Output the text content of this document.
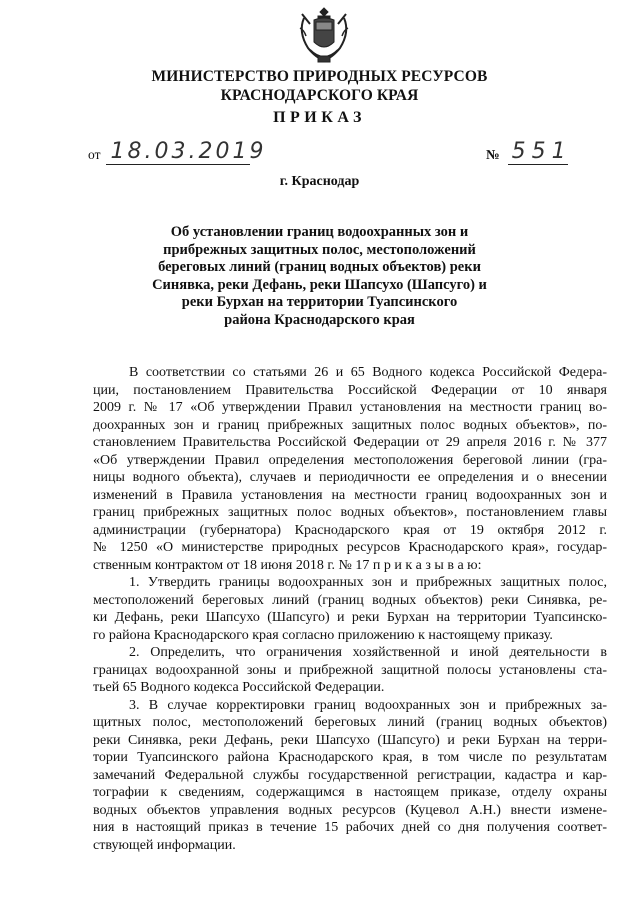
МИНИСТЕРСТВО ПРИРОДНЫХ РЕСУРСОВ
КРАСНОДАРСКОГО КРАЯ
ПРИКАЗ
от 18.03.2019	№ 551
г. Краснодар
Об установлении границ водоохранных зон и
прибрежных защитных полос, местоположений
береговых линий (границ водных объектов) реки
Синявка, реки Дефань, реки Шапсухо (Шапсуго) и
реки Бурхан на территории Туапсинского
района Краснодарского края
В соответствии со статьями 26 и 65 Водного кодекса Российской Федера-
ции, постановлением Правительства Российской Федерации от 10 января
2009 г. № 17 «Об утверждении Правил установления на местности границ во-
доохранных зон и границ прибрежных защитных полос водных объектов», по-
становлением Правительства Российской Федерации от 29 апреля 2016 г. № 377
«Об утверждении Правил определения местоположения береговой линии (гра-
ницы водного объекта), случаев и периодичности ее определения и о внесении
изменений в Правила установления на местности границ водоохранных зон и
границ прибрежных защитных полос водных объектов», постановлением главы
администрации (губернатора) Краснодарского края от 19 октября 2012 г.
№ 1250 «О министерстве природных ресурсов Краснодарского края», государ-
ственным контрактом от 18 июня 2018 г. № 17 п р и к а з ы в а ю:
1. Утвердить границы водоохранных зон и прибрежных защитных полос,
местоположений береговых линий (границ водных объектов) реки Синявка, ре-
ки Дефань, реки Шапсухо (Шапсуго) и реки Бурхан на территории Туапсинско-
го района Краснодарского края согласно приложению к настоящему приказу.
2. Определить, что ограничения хозяйственной и иной деятельности в
границах водоохранной зоны и прибрежной защитной полосы установлены ста-
тьей 65 Водного кодекса Российской Федерации.
3. В случае корректировки границ водоохранных зон и прибрежных за-
щитных полос, местоположений береговых линий (границ водных объектов)
реки Синявка, реки Дефань, реки Шапсухо (Шапсуго) и реки Бурхан на терри-
тории Туапсинского района Краснодарского края, в том числе по результатам
замечаний Федеральной службы государственной регистрации, кадастра и кар-
тографии к сведениям, содержащимся в настоящем приказе, отделу охраны
водных объектов управления водных ресурсов (Куцевол А.Н.) внести измене-
ния в настоящий приказ в течение 15 рабочих дней со дня получения соответ-
ствующей информации.
